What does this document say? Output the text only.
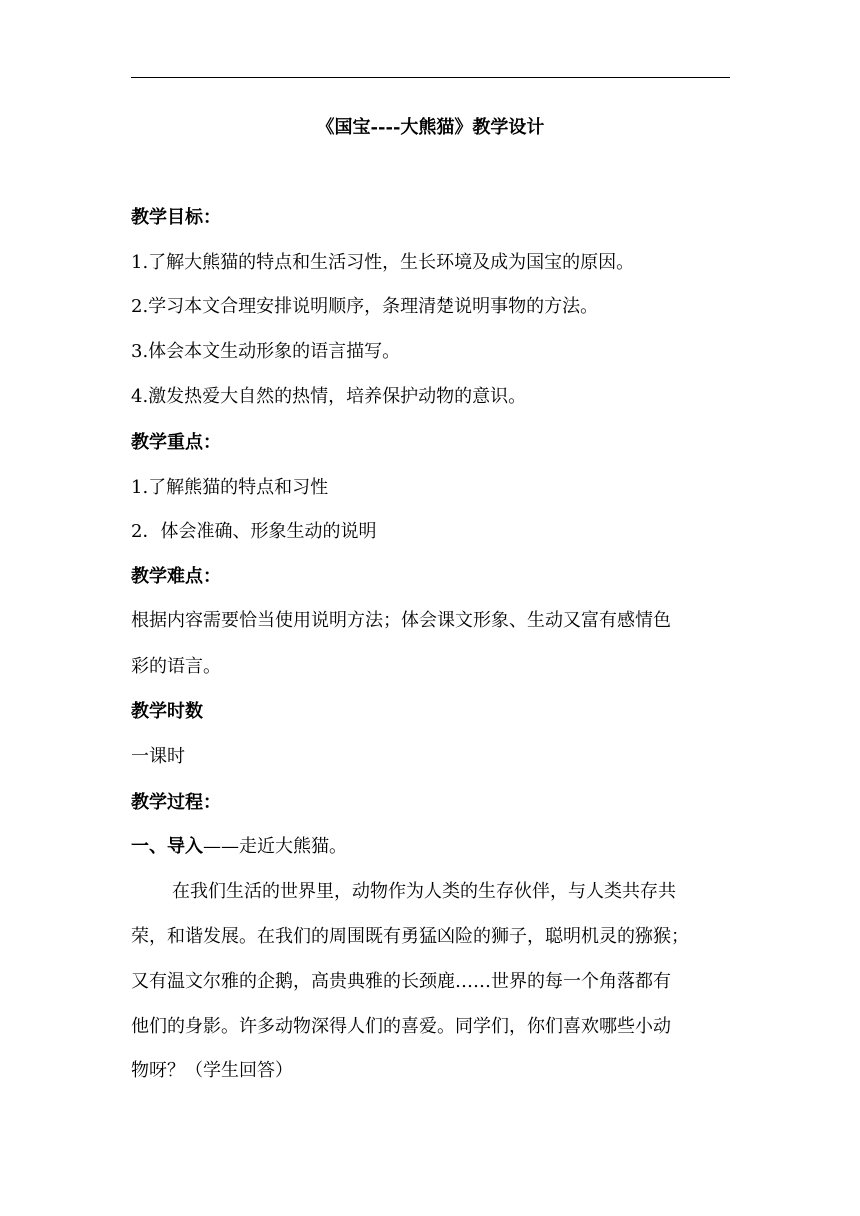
《国宝----大熊猫》教学设计
教学目标：
1.了解大熊猫的特点和生活习性，生长环境及成为国宝的原因。
2.学习本文合理安排说明顺序，条理清楚说明事物的方法。
3.体会本文生动形象的语言描写。
4.激发热爱大自然的热情，培养保护动物的意识。
教学重点：
1.了解熊猫的特点和习性
2．体会准确、形象生动的说明
教学难点：
根据内容需要恰当使用说明方法；体会课文形象、生动又富有感情色
彩的语言。
教学时数
一课时
教学过程：
一、导入——走近大熊猫。
在我们生活的世界里，动物作为人类的生存伙伴，与人类共存共
荣，和谐发展。在我们的周围既有勇猛凶险的狮子，聪明机灵的猕猴；
又有温文尔雅的企鹅，高贵典雅的长颈鹿……世界的每一个角落都有
他们的身影。许多动物深得人们的喜爱。同学们，你们喜欢哪些小动
物呀？（学生回答）
